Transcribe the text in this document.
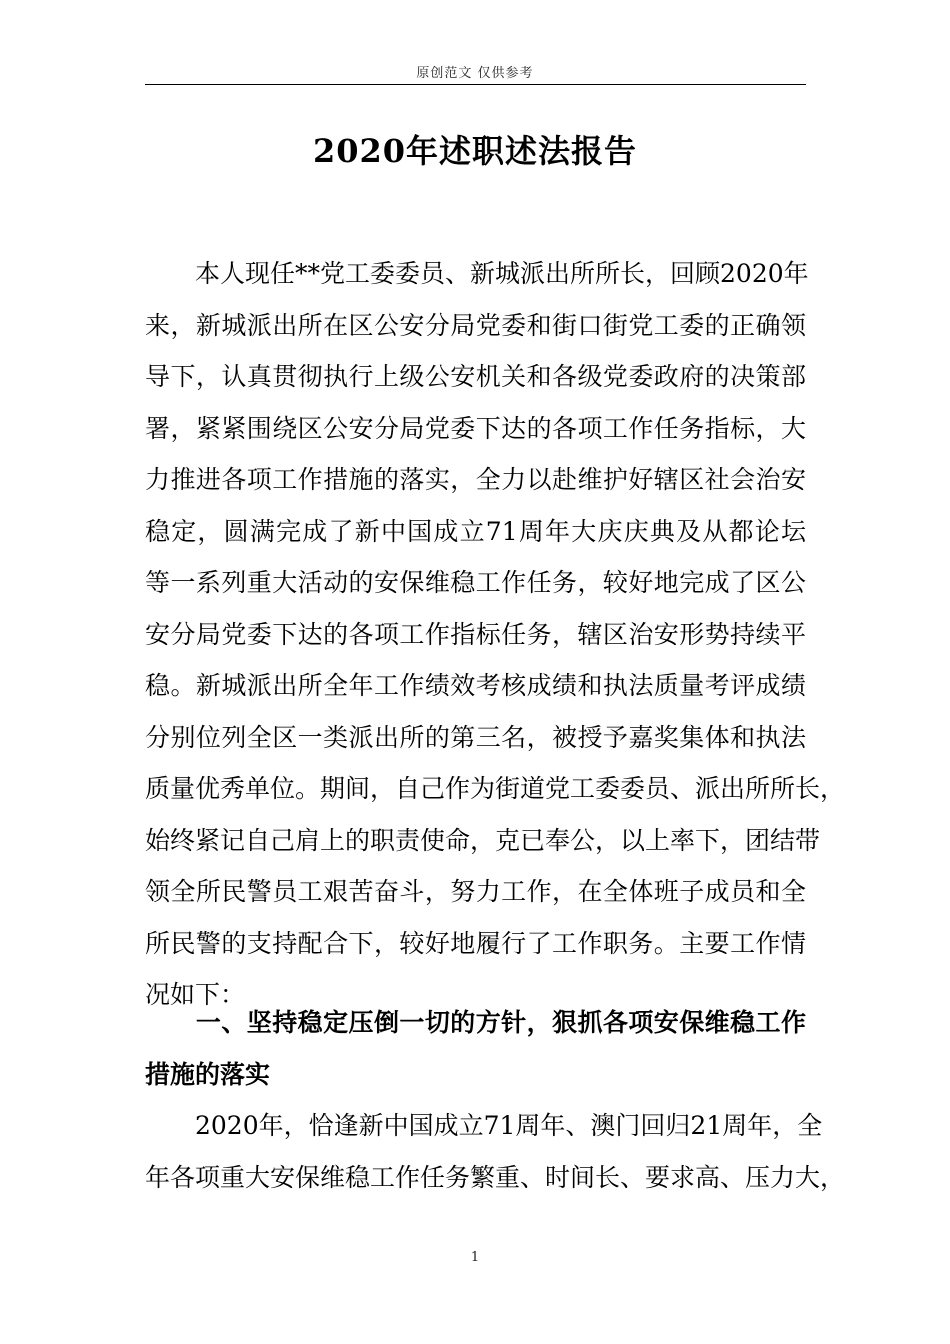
原创范文 仅供参考
2020年述职述法报告
　　本人现任**党工委委员、新城派出所所长，回顾2020年
来，新城派出所在区公安分局党委和街口街党工委的正确领
导下，认真贯彻执行上级公安机关和各级党委政府的决策部
署，紧紧围绕区公安分局党委下达的各项工作任务指标，大
力推进各项工作措施的落实，全力以赴维护好辖区社会治安
稳定，圆满完成了新中国成立71周年大庆庆典及从都论坛
等一系列重大活动的安保维稳工作任务，较好地完成了区公
安分局党委下达的各项工作指标任务，辖区治安形势持续平
稳。新城派出所全年工作绩效考核成绩和执法质量考评成绩
分别位列全区一类派出所的第三名，被授予嘉奖集体和执法
质量优秀单位。期间，自己作为街道党工委委员、派出所所长，
始终紧记自己肩上的职责使命，克已奉公，以上率下，团结带
领全所民警员工艰苦奋斗，努力工作，在全体班子成员和全
所民警的支持配合下，较好地履行了工作职务。主要工作情
况如下：
　　一、坚持稳定压倒一切的方针，狠抓各项安保维稳工作
措施的落实
　　2020年，恰逢新中国成立71周年、澳门回归21周年，全
年各项重大安保维稳工作任务繁重、时间长、要求高、压力大，
1
